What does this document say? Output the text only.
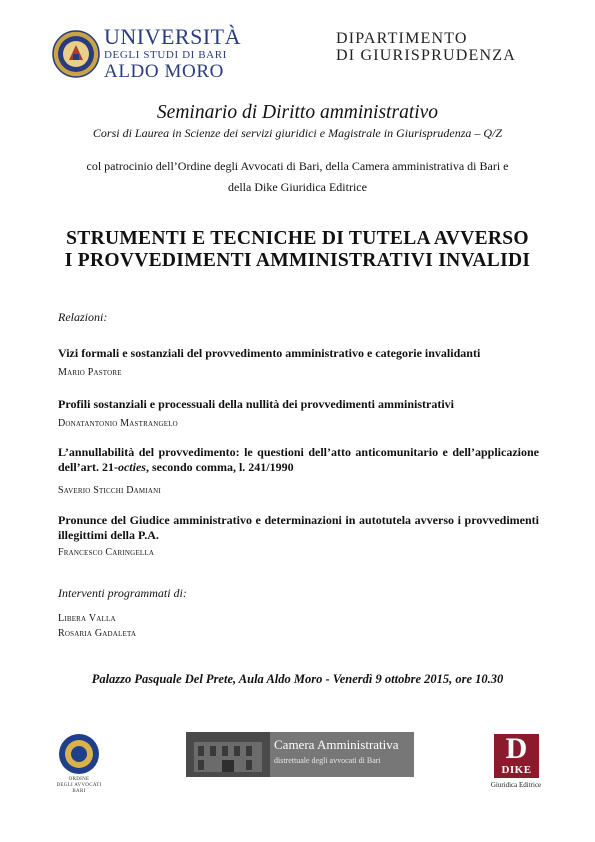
UNIVERSITÀ
DEGLI STUDI DI BARI
ALDO MORO
DIPARTIMENTO
DI GIURISPRUDENZA
Seminario di Diritto amministrativo
Corsi di Laurea in Scienze dei servizi giuridici e Magistrale in Giurisprudenza – Q/Z
col patrocinio dell’Ordine degli Avvocati di Bari, della Camera amministrativa di Bari e
della Dike Giuridica Editrice
STRUMENTI E TECNICHE DI TUTELA AVVERSO
I PROVVEDIMENTI AMMINISTRATIVI INVALIDI
Relazioni:
Vizi formali e sostanziali del provvedimento amministrativo e categorie invalidanti
Mario Pastore
Profili sostanziali e processuali della nullità dei provvedimenti amministrativi
Donatantonio Mastrangelo
L’annullabilità del provvedimento: le questioni dell’atto anticomunitario e dell’applicazione dell’art. 21-octies, secondo comma, l. 241/1990
Saverio Sticchi Damiani
Pronunce del Giudice amministrativo e determinazioni in autotutela avverso i provvedimenti illegittimi della P.A.
Francesco Caringella
Interventi programmati di:
Libera Valla
Rosaria Gadaleta
Palazzo Pasquale Del Prete, Aula Aldo Moro - Venerdì 9 ottobre 2015, ore 10.30
ORDINE
DEGLI AVVOCATI
BARI
Camera Amministrativa
distrettuale degli avvocati di Bari	D
DIKE
Giuridica Editrice
